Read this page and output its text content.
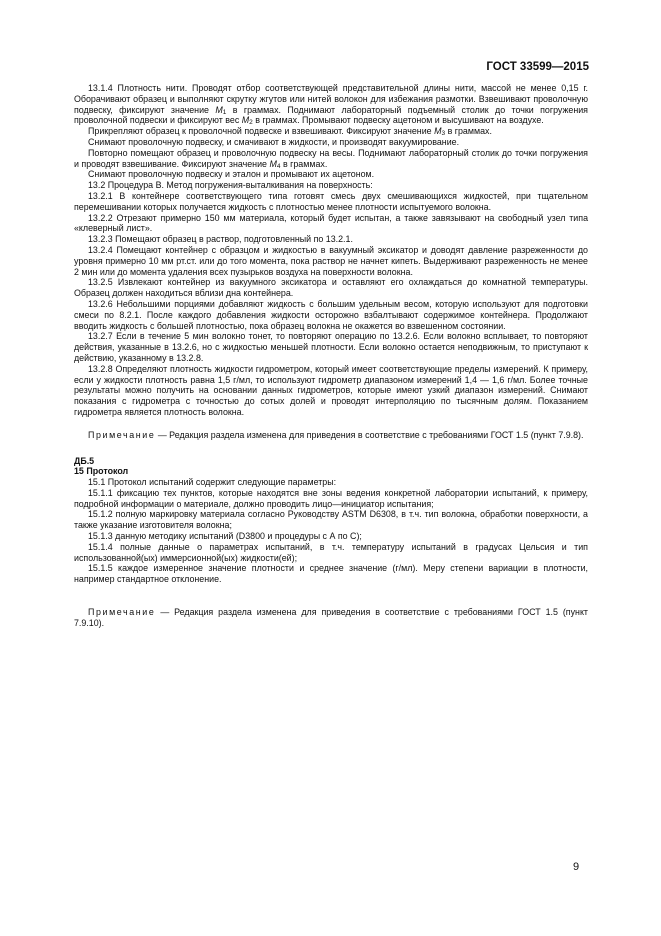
ГОСТ 33599—2015

13.1.4 Плотность нити. Проводят отбор соответствующей представительной длины нити, массой не менее 0,15 г. Оборачивают образец и выполняют скрутку жгутов или нитей волокон для избежания размотки. Взвешивают проволочную подвеску, фиксируют значение $M_1$ в граммах. Поднимают лабораторный подъемный столик до точки погружения проволочной подвески и фиксируют вес $M_2$ в граммах. Промывают подвеску ацетоном и высушивают на воздухе.

Прикрепляют образец к проволочной подвеске и взвешивают. Фиксируют значение $M_3$ в граммах.

Снимают проволочную подвеску, и смачивают в жидкости, и производят вакуумирование.

Повторно помещают образец и проволочную подвеску на весы. Поднимают лабораторный столик до точки погружения и проводят взвешивание. Фиксируют значение $M_4$ в граммах.

Снимают проволочную подвеску и эталон и промывают их ацетоном.

13.2 Процедура В. Метод погружения-выталкивания на поверхность:

13.2.1 В контейнере соответствующего типа готовят смесь двух смешивающихся жидкостей, при тщательном перемешивании которых получается жидкость с плотностью менее плотности испытуемого волокна.

13.2.2 Отрезают примерно 150 мм материала, который будет испытан, а также завязывают на свободный узел типа «клеверный лист».

13.2.3 Помещают образец в раствор, подготовленный по 13.2.1.

13.2.4 Помещают контейнер с образцом и жидкостью в вакуумный эксикатор и доводят давление разреженности до уровня примерно 10 мм рт.ст. или до того момента, пока раствор не начнет кипеть. Выдерживают разреженность не менее 2 мин или до момента удаления всех пузырьков воздуха на поверхности волокна.

13.2.5 Извлекают контейнер из вакуумного эксикатора и оставляют его охлаждаться до комнатной температуры. Образец должен находиться вблизи дна контейнера.

13.2.6 Небольшими порциями добавляют жидкость с большим удельным весом, которую используют для подготовки смеси по 8.2.1. После каждого добавления жидкости осторожно взбалтывают содержимое контейнера. Продолжают вводить жидкость с большей плотностью, пока образец волокна не окажется во взвешенном состоянии.

13.2.7 Если в течение 5 мин волокно тонет, то повторяют операцию по 13.2.6. Если волокно всплывает, то повторяют действия, указанные в 13.2.6, но с жидкостью меньшей плотности. Если волокно остается неподвижным, то приступают к действию, указанному в 13.2.8.

13.2.8 Определяют плотность жидкости гидрометром, который имеет соответствующие пределы измерений. К примеру, если у жидкости плотность равна 1,5 г/мл, то используют гидрометр диапазоном измерений 1,4 — 1,6 г/мл. Более точные результаты можно получить на основании данных гидрометров, которые имеют узкий диапазон измерений. Снимают показания с гидрометра с точностью до сотых долей и проводят интерполяцию по тысячным долям. Показанием гидрометра является плотность волокна.

Примечание — Редакция раздела изменена для приведения в соответствие с требованиями ГОСТ 1.5 (пункт 7.9.8).

ДБ.5

15 Протокол

15.1 Протокол испытаний содержит следующие параметры:

15.1.1 фиксацию тех пунктов, которые находятся вне зоны ведения конкретной лаборатории испытаний, к примеру, подробной информации о материале, должно проводить лицо—инициатор испытания;

15.1.2 полную маркировку материала согласно Руководству ASTM D6308, в т.ч. тип волокна, обработки поверхности, а также указание изготовителя волокна;

15.1.3 данную методику испытаний (D3800 и процедуры с А по С);

15.1.4 полные данные о параметрах испытаний, в т.ч. температуру испытаний в градусах Цельсия и тип использованной(ых) иммерсионной(ых) жидкости(ей);

15.1.5 каждое измеренное значение плотности и среднее значение (г/мл). Меру степени вариации в плотности, например стандартное отклонение.

Примечание — Редакция раздела изменена для приведения в соответствие с требованиями ГОСТ 1.5 (пункт 7.9.10).

9
